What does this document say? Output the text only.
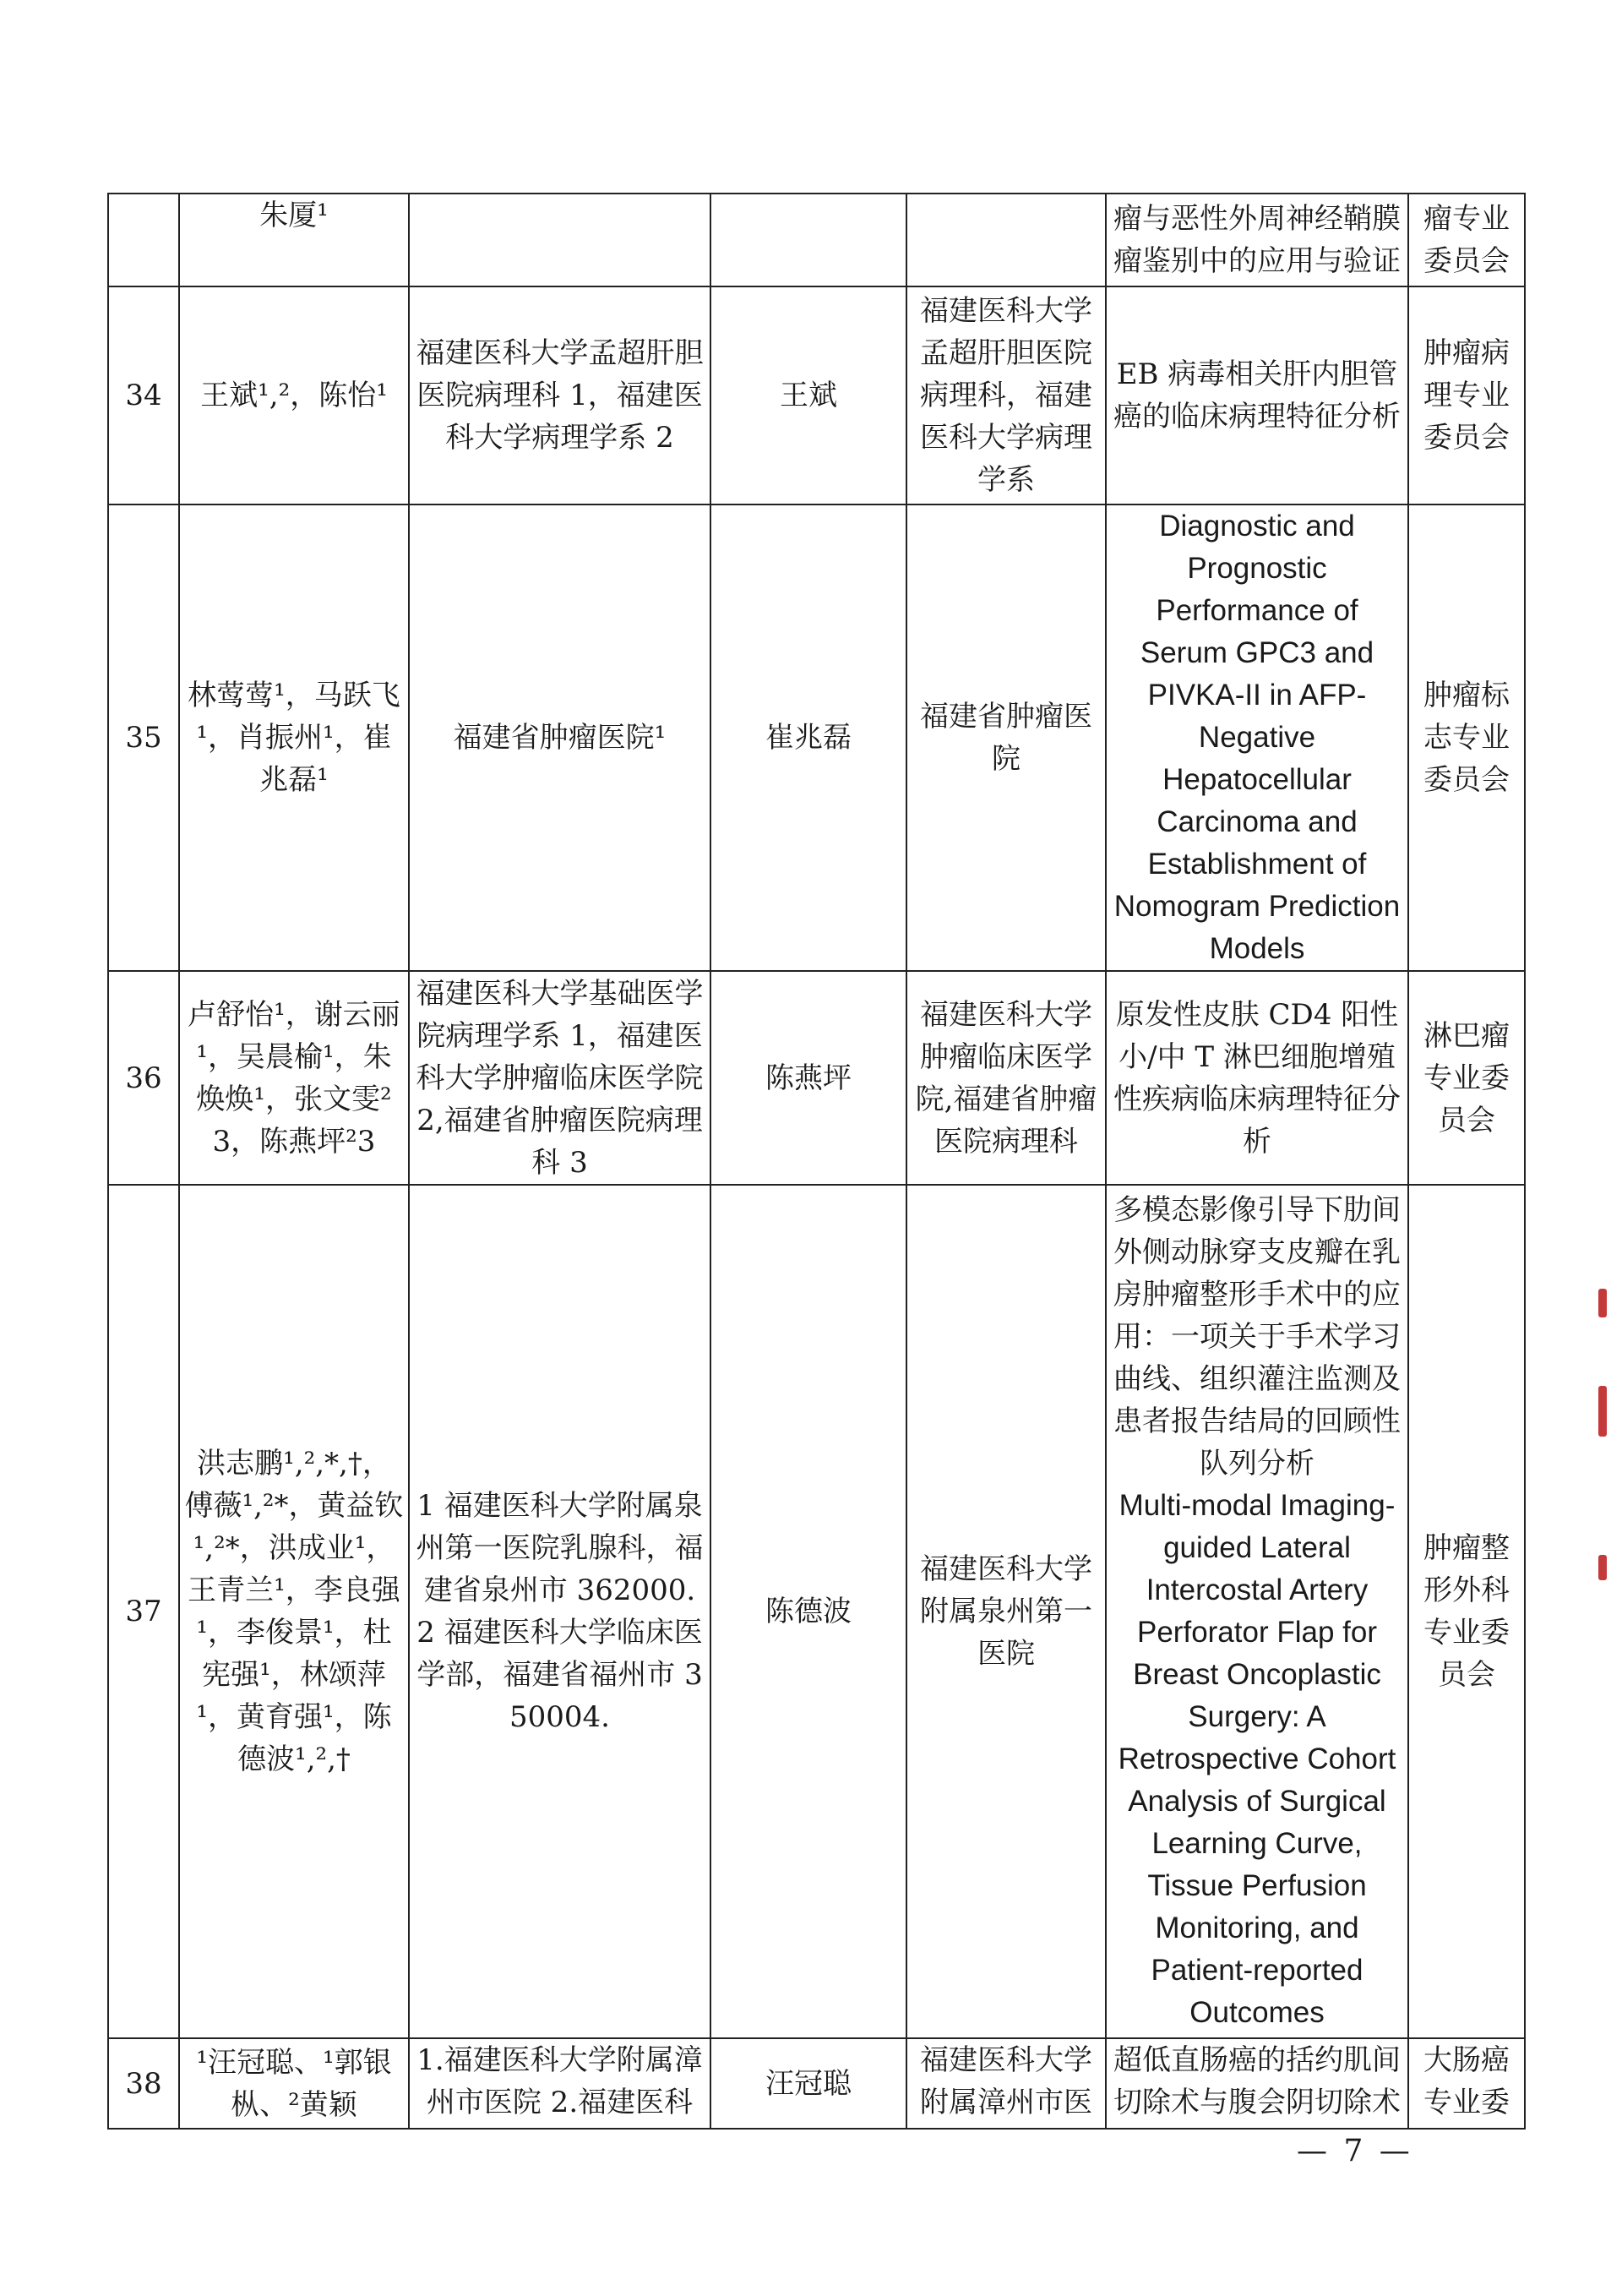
	朱厦¹				瘤与恶性外周神经鞘膜瘤鉴别中的应用与验证	瘤专业委员会
34	王斌¹,²，陈怡¹	福建医科大学孟超肝胆医院病理科 1，福建医科大学病理学系 2	王斌	福建医科大学孟超肝胆医院病理科，福建医科大学病理学系	EB 病毒相关肝内胆管癌的临床病理特征分析	肿瘤病理专业委员会
35	林莺莺¹，马跃飞¹，肖振州¹，崔兆磊¹	福建省肿瘤医院¹	崔兆磊	福建省肿瘤医院	Diagnostic and Prognostic Performance of Serum GPC3 and PIVKA-II in AFP-Negative Hepatocellular Carcinoma and Establishment of Nomogram Prediction Models	肿瘤标志专业委员会
36	卢舒怡¹，谢云丽¹，吴晨榆¹，朱焕焕¹，张文雯²3，陈燕坪²3	福建医科大学基础医学院病理学系 1，福建医科大学肿瘤临床医学院 2,福建省肿瘤医院病理科 3	陈燕坪	福建医科大学肿瘤临床医学院,福建省肿瘤医院病理科	原发性皮肤 CD4 阳性小/中 T 淋巴细胞增殖性疾病临床病理特征分析	淋巴瘤专业委员会
37	洪志鹏¹,²,*,†，傅薇¹,²*，黄益钦¹,²*，洪成业¹，王青兰¹，李良强¹，李俊景¹，杜宪强¹，林颂萍¹，黄育强¹，陈德波¹,²,†	1 福建医科大学附属泉州第一医院乳腺科，福建省泉州市 362000. 2 福建医科大学临床医学部，福建省福州市 350004.	陈德波	福建医科大学附属泉州第一医院	多模态影像引导下肋间外侧动脉穿支皮瓣在乳房肿瘤整形手术中的应用：一项关于手术学习曲线、组织灌注监测及患者报告结局的回顾性队列分析
Multi-modal Imaging-guided Lateral Intercostal Artery Perforator Flap for Breast Oncoplastic Surgery: A Retrospective Cohort Analysis of Surgical Learning Curve, Tissue Perfusion Monitoring, and Patient-reported Outcomes	肿瘤整形外科专业委员会
38	¹汪冠聪、¹郭银枞、²黄颖	1.福建医科大学附属漳州市医院 2.福建医科	汪冠聪	福建医科大学附属漳州市医	超低直肠癌的括约肌间切除术与腹会阴切除术	大肠癌专业委
— 7 —
